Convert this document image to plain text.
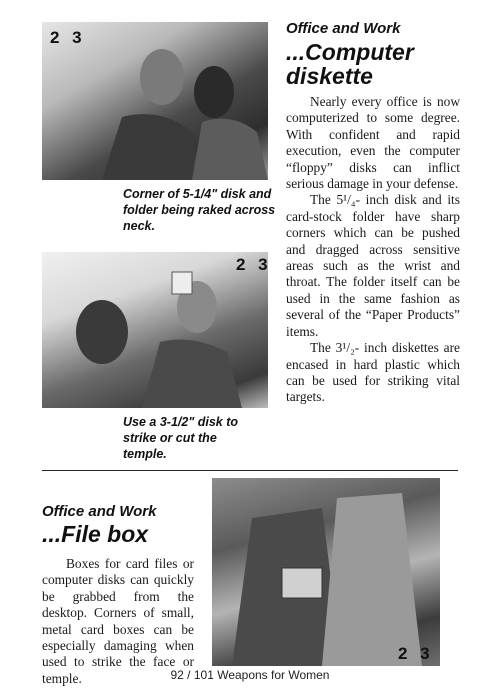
2 3
Corner of 5-1/4" disk and folder being raked across neck.
2 3
Use a 3-1/2" disk to strike or cut the temple.
Office and Work
...Computer
diskette

Nearly every office is now computerized to some degree. With confident and rapid execution, even the computer “floppy” disks can inflict serious damage in your defense.

The 5¹/₄- inch disk and its card-stock folder have sharp corners which can be pushed and dragged across sensitive areas such as the wrist and throat. The folder itself can be used in the same fashion as several of the “Paper Products” items.

The 3¹/₂- inch diskettes are encased in hard plastic which can be used for striking vital targets.

Office and Work
...File box

Boxes for card files or computer disks can quickly be grabbed from the desktop. Corners of small, metal card boxes can be especially damaging when used to strike the face or temple.

2 3
92 / 101 Weapons for Women
